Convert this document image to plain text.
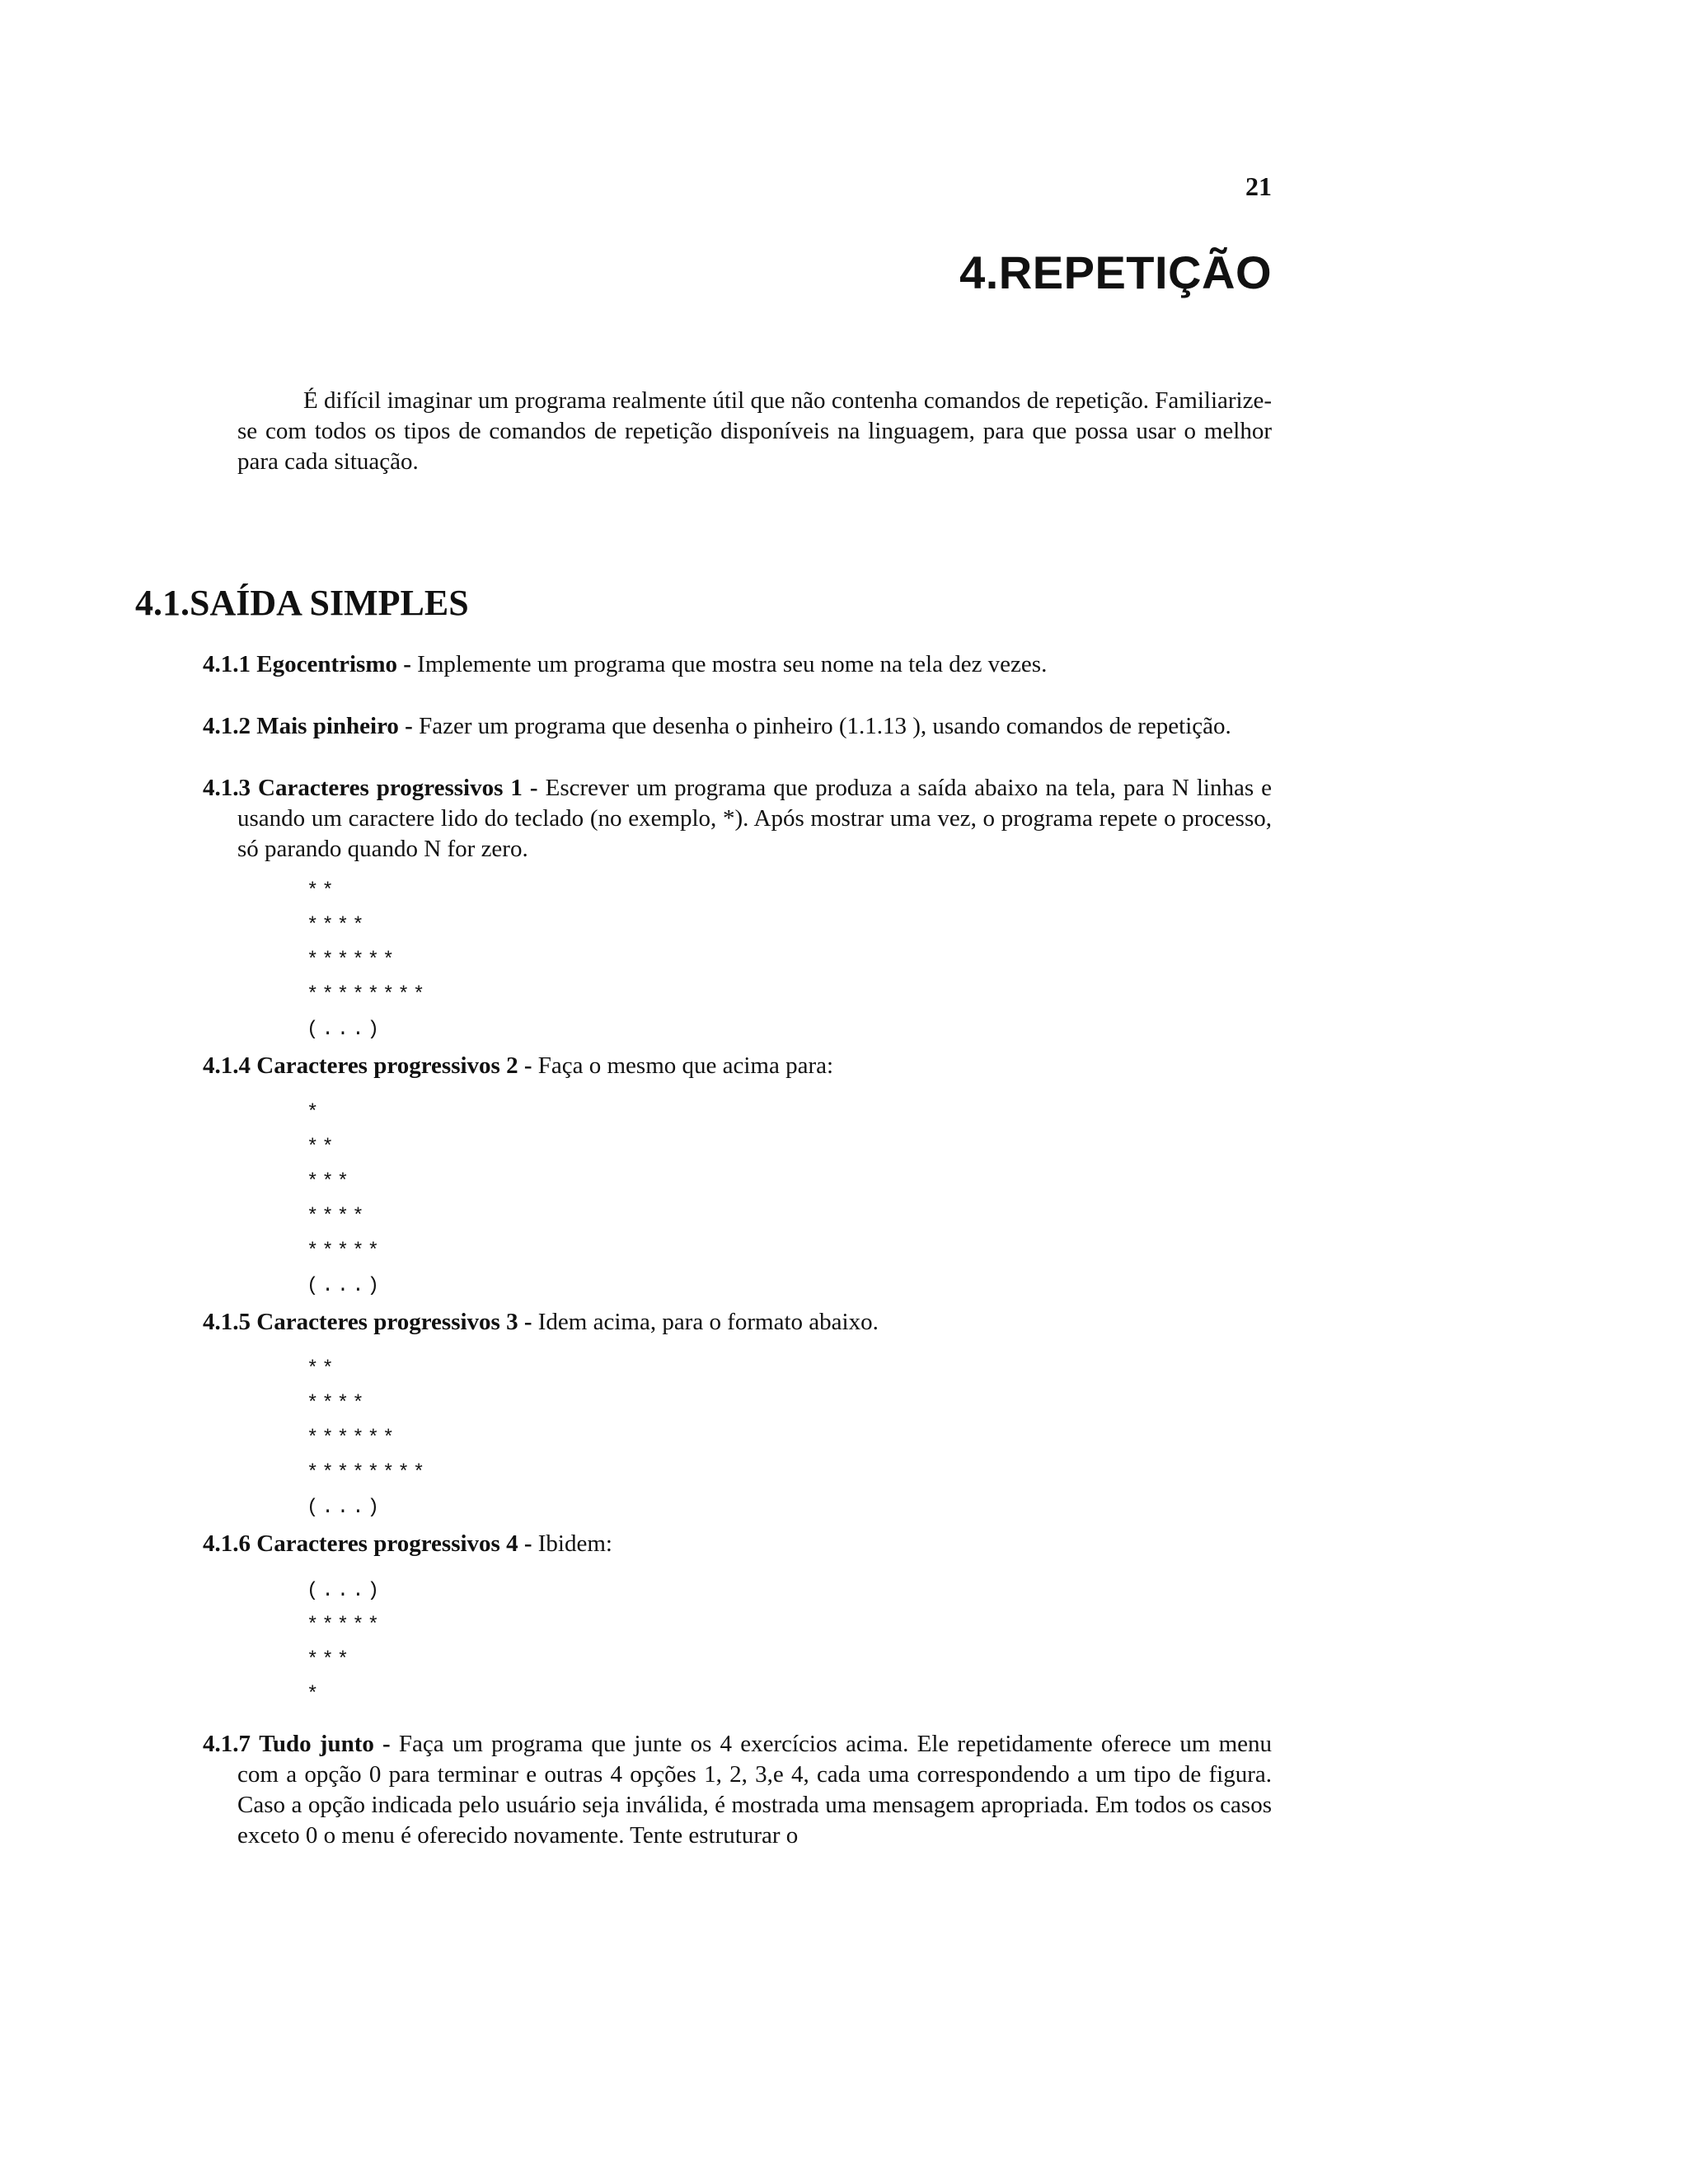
21
4.REPETIÇÃO

É difícil imaginar um programa realmente útil que não contenha comandos de repetição. Familiarize-se com todos os tipos de comandos de repetição disponíveis na linguagem, para que possa usar o melhor para cada situação.

4.1.SAÍDA SIMPLES

4.1.1 Egocentrismo - Implemente um programa que mostra seu nome na tela dez vezes.

4.1.2 Mais pinheiro - Fazer um programa que desenha o pinheiro (1.1.13 ), usando comandos de repetição.

4.1.3 Caracteres progressivos 1 - Escrever um programa que produza a saída abaixo na tela, para N linhas e usando um caractere lido do teclado (no exemplo, *). Após mostrar uma vez, o programa repete o processo, só parando quando N for zero.

**
****
******
********
(...)

4.1.4 Caracteres progressivos 2 - Faça o mesmo que acima para:

*
**
***
****
*****
(...)

4.1.5 Caracteres progressivos 3 - Idem acima, para o formato abaixo.

**
****
******
********
(...)

4.1.6 Caracteres progressivos 4 - Ibidem:

(...)
*****
***
*

4.1.7 Tudo junto - Faça um programa que junte os 4 exercícios acima. Ele repetidamente oferece um menu com a opção 0 para terminar e outras 4 opções 1, 2, 3,e 4, cada uma correspondendo a um tipo de figura. Caso a opção indicada pelo usuário seja inválida, é mostrada uma mensagem apropriada. Em todos os casos exceto 0 o menu é oferecido novamente. Tente estruturar o
